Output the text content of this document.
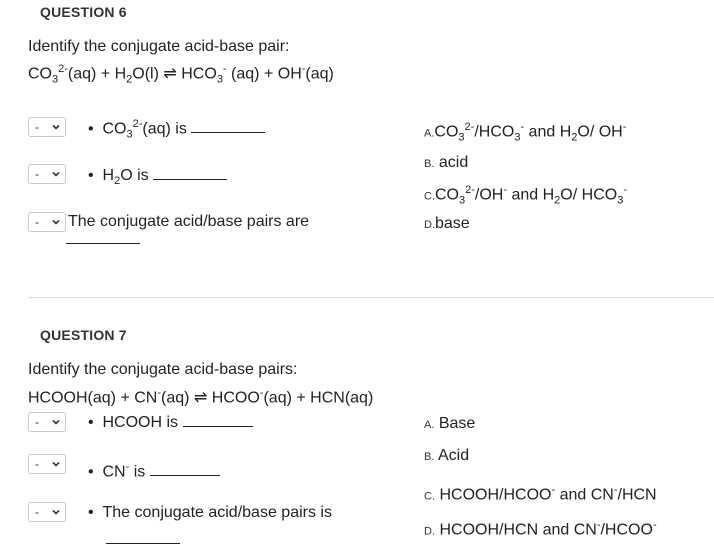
QUESTION 6
Identify the conjugate acid-base pair:
$CO_3^{2-}(aq) + H_2O(l)$ ⇌ $HCO_3^-$ (aq) + OH-(aq)
-	• $CO_3^{2-}(aq)$ is
-	• $H_2O$ is
-	The conjugate acid/base pairs are
$A.CO_3^{2-}/HCO_3^-$ and $H_2O/$ OH-
B. acid
$C.CO_3^{2-}/OH^-$ and $H_2O/$ $HCO_3^-$
D.base
QUESTION 7
Identify the conjugate acid-base pairs:
HCOOH(aq) + CN-(aq) ⇌ HCOO-(aq) + HCN(aq)
-	• HCOOH is
-	• CN- is
-	• The conjugate acid/base pairs is
A. Base
B. Acid
C. HCOOH/HCOO- and CN-/HCN
D. HCOOH/HCN and CN-/HCOO-
